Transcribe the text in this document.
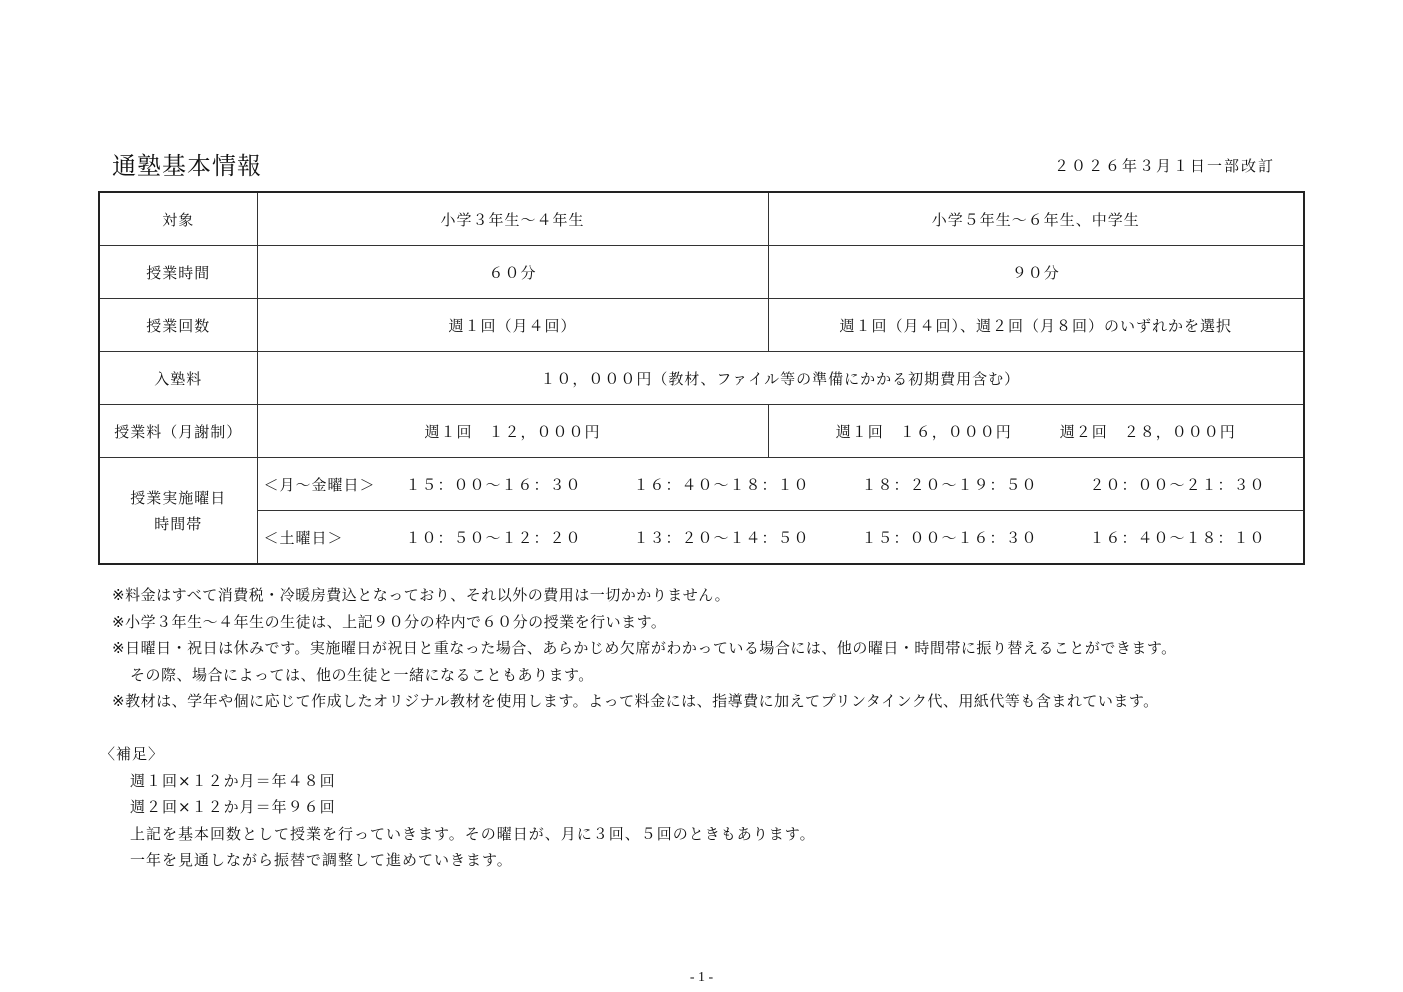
通塾基本情報	２０２６年３月１日一部改訂
対象	小学３年生～４年生	小学５年生～６年生、中学生
授業時間	６０分	９０分
授業回数	週１回（月４回）	週１回（月４回）、週２回（月８回）のいずれかを選択
入塾料	１０，０００円（教材、ファイル等の準備にかかる初期費用含む）	
授業料（月謝制）	週１回　１２，０００円	週１回　１６，０００円　　　週２回　２８，０００円

授業実施曜日
時間帯	＜月～金曜日＞ １５：００～１６：３０ １６：４０～１８：１０ １８：２０～１９：５０ ２０：００～２１：３０	
	＜土曜日＞ １０：５０～１２：２０ １３：２０～１４：５０ １５：００～１６：３０ １６：４０～１８：１０	
※料金はすべて消費税・冷暖房費込となっており、それ以外の費用は一切かかりません。
※小学３年生～４年生の生徒は、上記９０分の枠内で６０分の授業を行います。
※日曜日・祝日は休みです。実施曜日が祝日と重なった場合、あらかじめ欠席がわかっている場合には、他の曜日・時間帯に振り替えることができます。
その際、場合によっては、他の生徒と一緒になることもあります。
※教材は、学年や個に応じて作成したオリジナル教材を使用します。よって料金には、指導費に加えてプリンタインク代、用紙代等も含まれています。
〈補足〉
週１回×１２か月＝年４８回
週２回×１２か月＝年９６回
上記を基本回数として授業を行っていきます。その曜日が、月に３回、５回のときもあります。
一年を見通しながら振替で調整して進めていきます。
- 1 -
